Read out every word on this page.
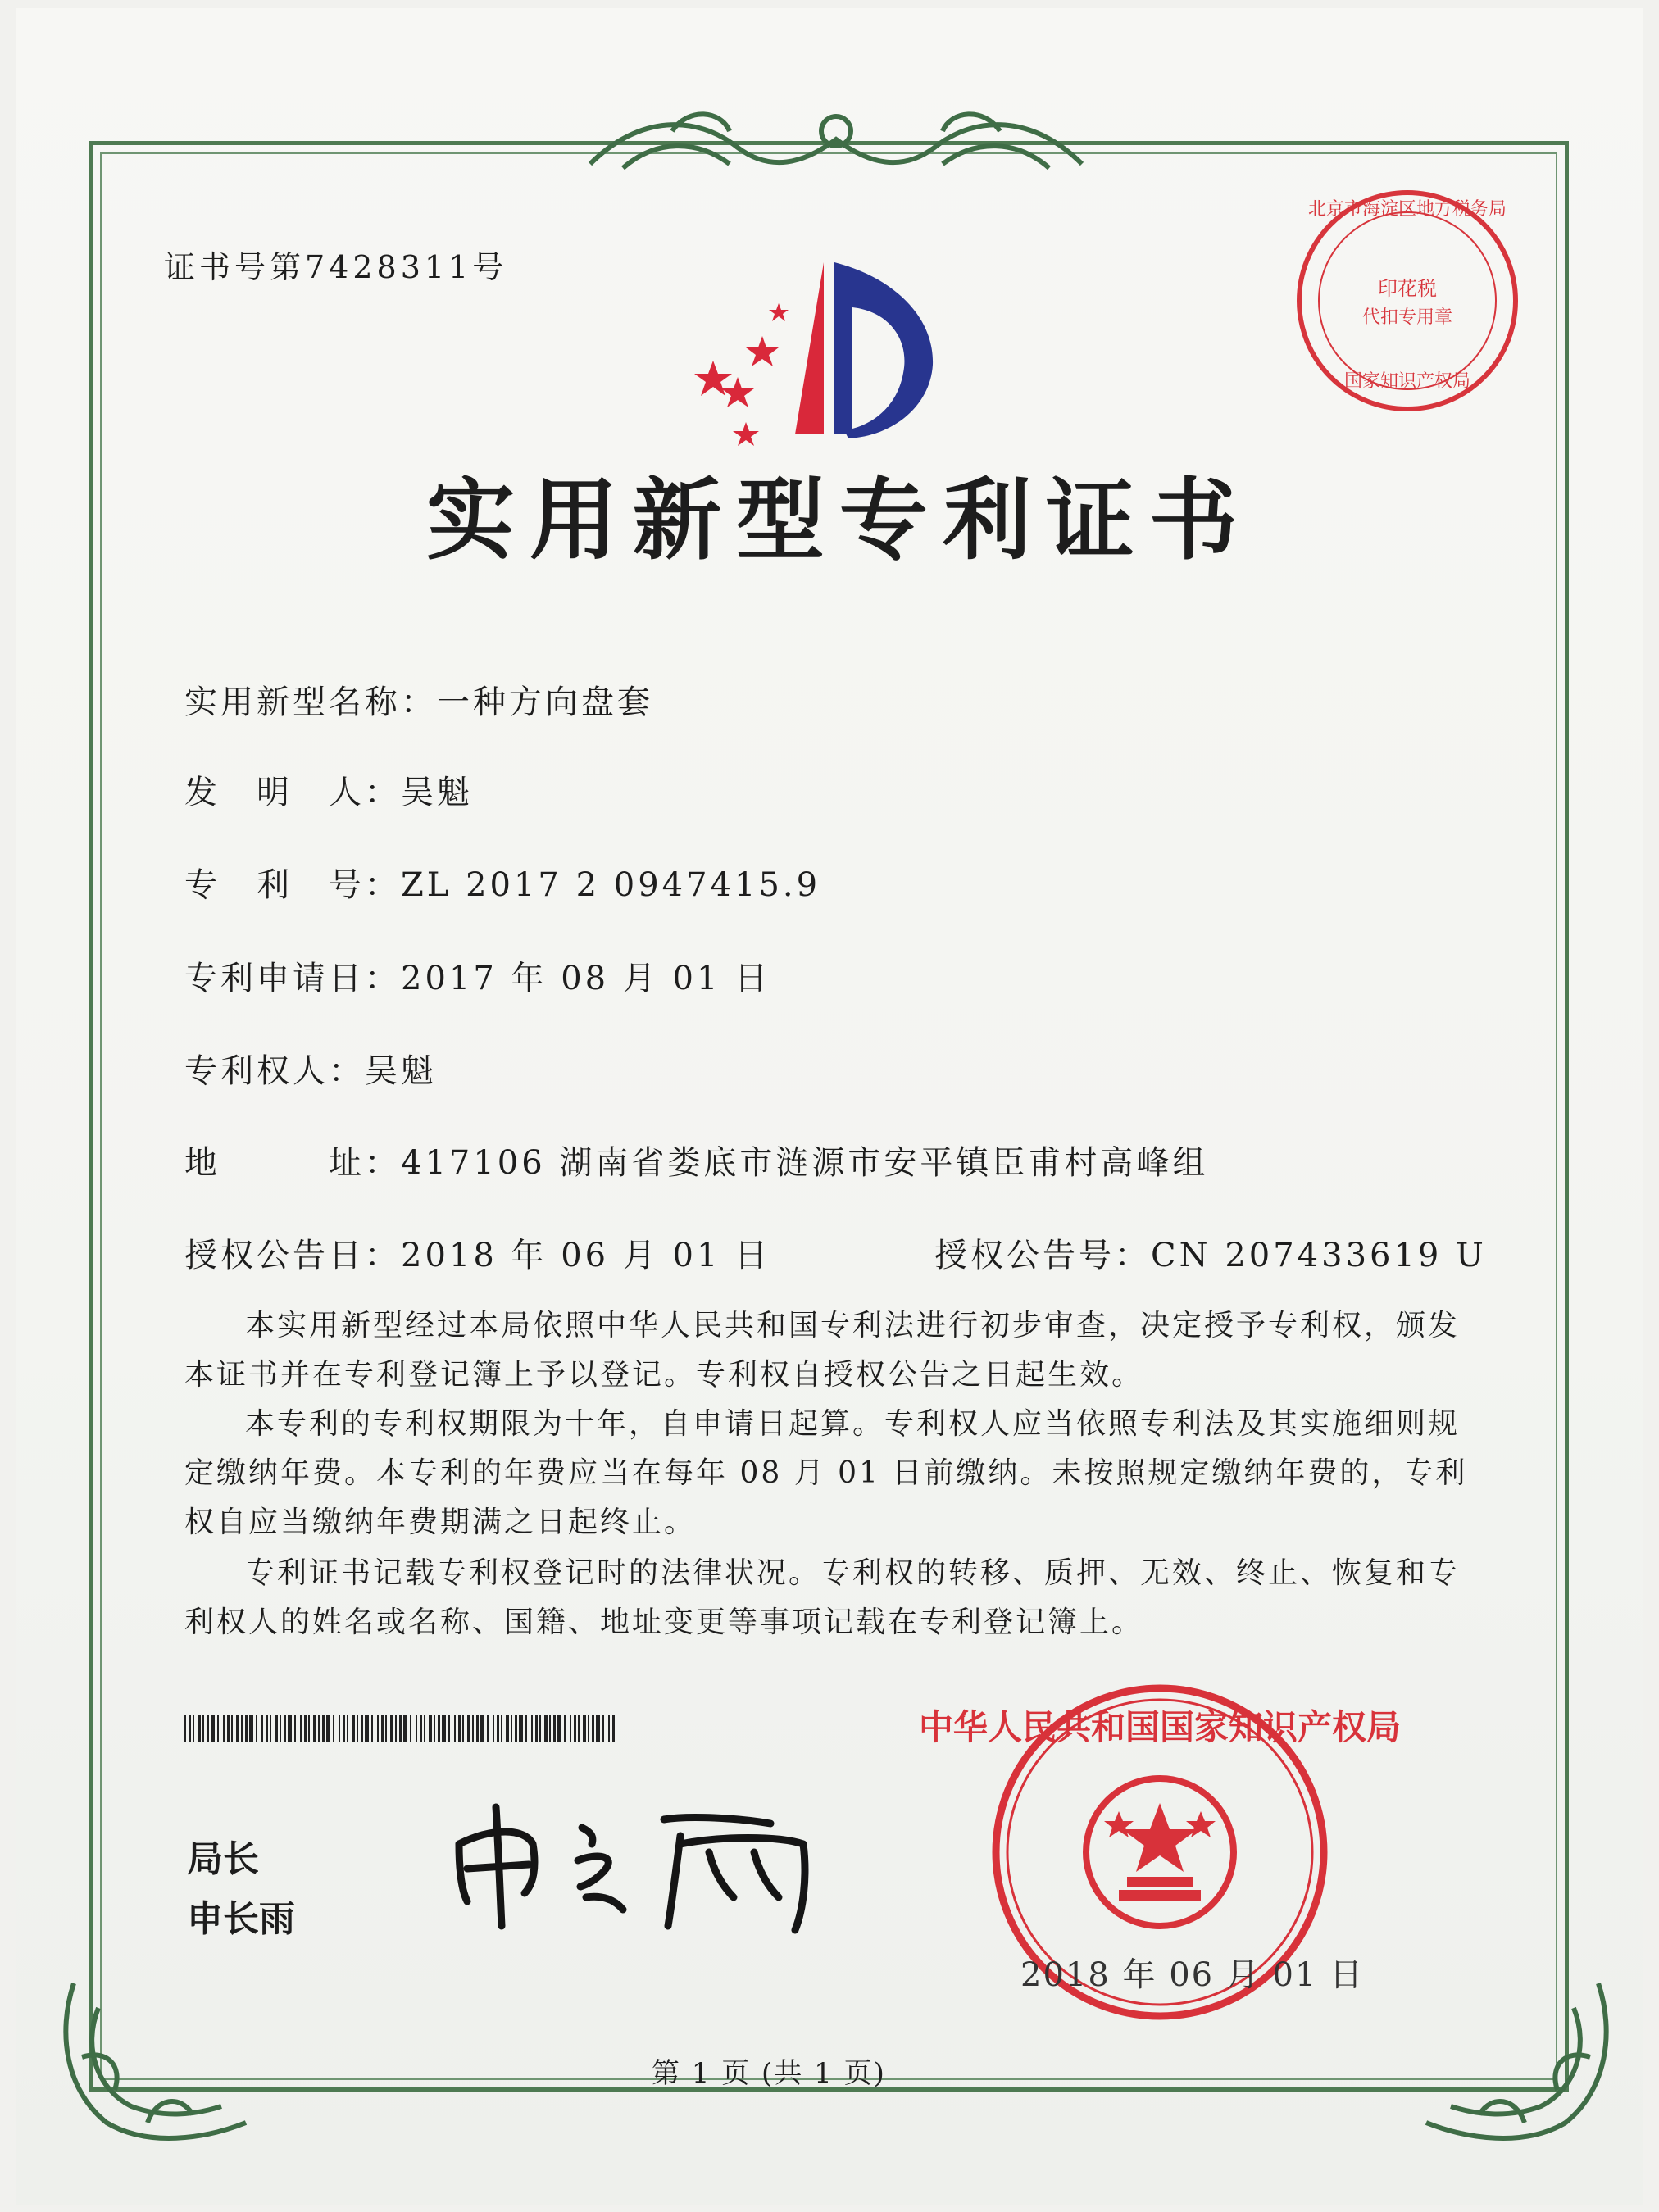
证书号第7428311号
北京市海淀区地方税务局
印花税
代扣专用章
国家知识产权局
实用新型专利证书
实用新型名称：一种方向盘套
发　明　人：吴魁
专　利　号：ZL 2017 2 0947415.9
专利申请日：2017 年 08 月 01 日
专利权人：吴魁
地　　　址：417106 湖南省娄底市涟源市安平镇臣甫村高峰组
授权公告日：2018 年 06 月 01 日	授权公告号：CN 207433619 U
本实用新型经过本局依照中华人民共和国专利法进行初步审查，决定授予专利权，颁发本证书并在专利登记簿上予以登记。专利权自授权公告之日起生效。
本专利的专利权期限为十年，自申请日起算。专利权人应当依照专利法及其实施细则规定缴纳年费。本专利的年费应当在每年 08 月 01 日前缴纳。未按照规定缴纳年费的，专利权自应当缴纳年费期满之日起终止。
专利证书记载专利权登记时的法律状况。专利权的转移、质押、无效、终止、恢复和专利权人的姓名或名称、国籍、地址变更等事项记载在专利登记簿上。
局长
申长雨
中华人民共和国国家知识产权局
2018 年 06 月 01 日
第 1 页 (共 1 页)
